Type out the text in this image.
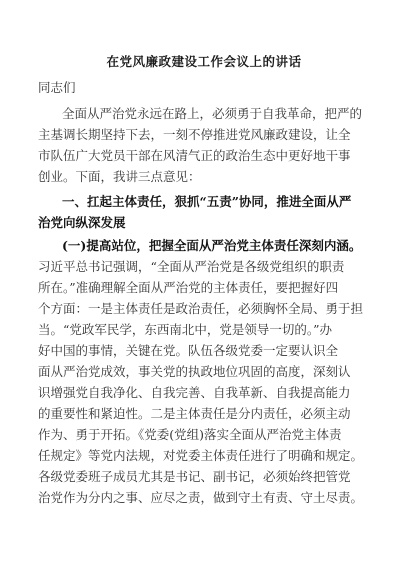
在党风廉政建设工作会议上的讲话
同志们
全面从严治党永远在路上，必须勇于自我革命，把严的
主基调长期坚持下去，一刻不停推进党风廉政建设，让全
市队伍广大党员干部在风清气正的政治生态中更好地干事
创业。下面，我讲三点意见：
一、扛起主体责任，狠抓“五责”协同，推进全面从严
治党向纵深发展
(一)提高站位，把握全面从严治党主体责任深刻内涵。
习近平总书记强调，“全面从严治党是各级党组织的职责
所在。”准确理解全面从严治党的主体责任，要把握好四
个方面：一是主体责任是政治责任，必须胸怀全局、勇于担
当。“党政军民学，东西南北中，党是领导一切的。”办
好中国的事情，关键在党。队伍各级党委一定要认识全
面从严治党成效，事关党的执政地位巩固的高度，深刻认
识增强党自我净化、自我完善、自我革新、自我提高能力
的重要性和紧迫性。二是主体责任是分内责任，必须主动
作为、勇于开拓。《党委(党组)落实全面从严治党主体责
任规定》等党内法规，对党委主体责任进行了明确和规定。
各级党委班子成员尤其是书记、副书记，必须始终把管党
治党作为分内之事、应尽之责，做到守土有责、守土尽责。
